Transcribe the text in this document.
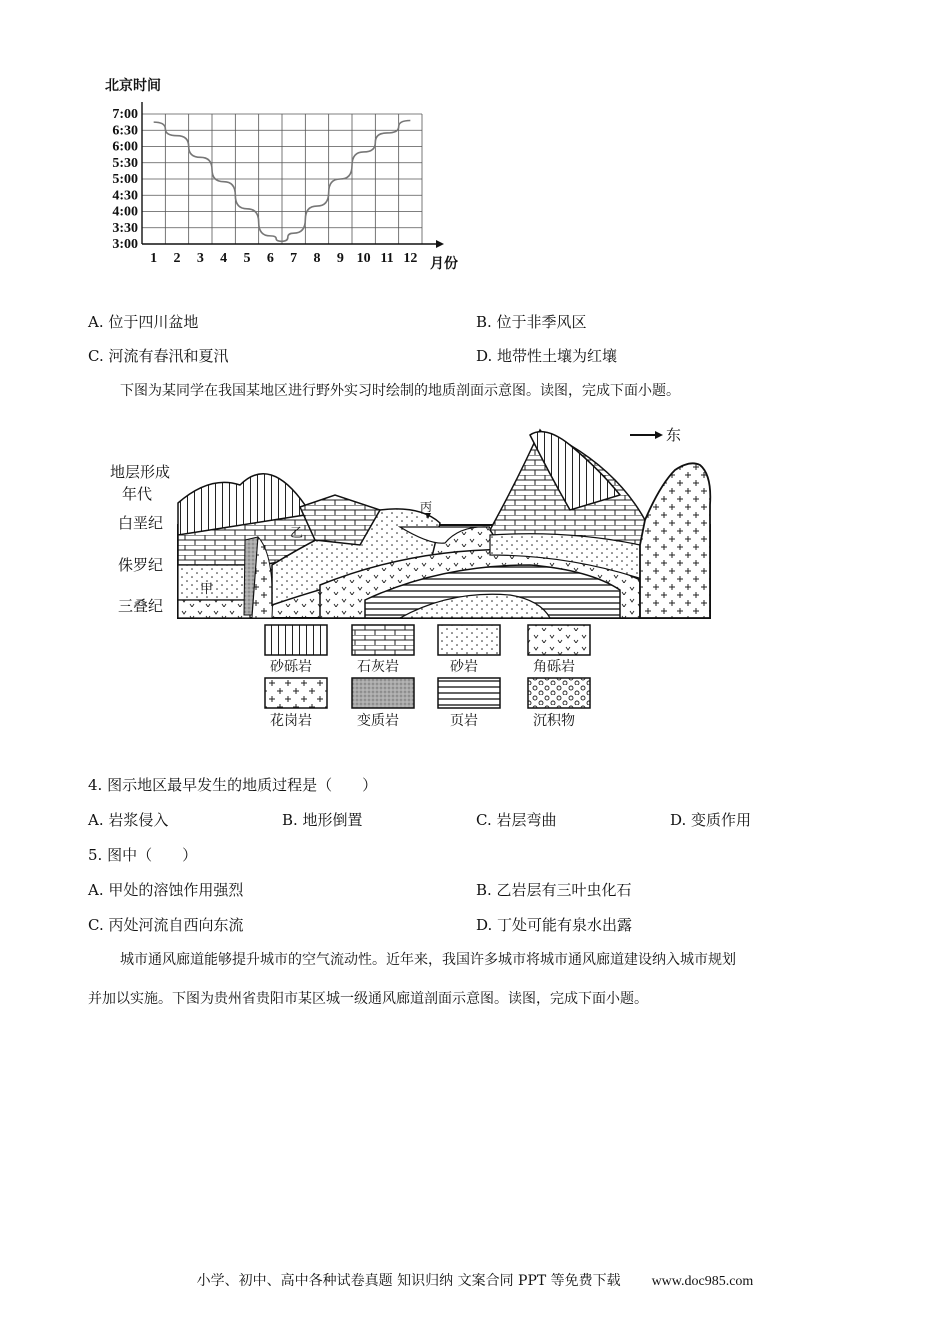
7:00
6:30
6:00
5:30
5:00
4:30
4:00
3:30
3:00
1 2 3 4 5 6 7 8 9 10 11 12
北京时间
月份
A. 位于四川盆地	B. 位于非季风区
C. 河流有春汛和夏汛	D. 地带性土壤为红壤
下图为某同学在我国某地区进行野外实习时绘制的地质剖面示意图。读图，完成下面小题。
丙
地层形成
年代
白垩纪
侏罗纪
三叠纪
甲
乙
东
砂砾岩	石灰岩	砂岩	角砾岩
花岗岩	变质岩	页岩	沉积物
4. 图示地区最早发生的地质过程是（　　）
A. 岩浆侵入	B. 地形倒置	C. 岩层弯曲	D. 变质作用
5. 图中（　　）
A. 甲处的溶蚀作用强烈	B. 乙岩层有三叶虫化石
C. 丙处河流自西向东流	D. 丁处可能有泉水出露
城市通风廊道能够提升城市的空气流动性。近年来，我国许多城市将城市通风廊道建设纳入城市规划
并加以实施。下图为贵州省贵阳市某区城一级通风廊道剖面示意图。读图，完成下面小题。
小学、初中、高中各种试卷真题 知识归纳 文案合同 PPT 等免费下载 www.doc985.com
